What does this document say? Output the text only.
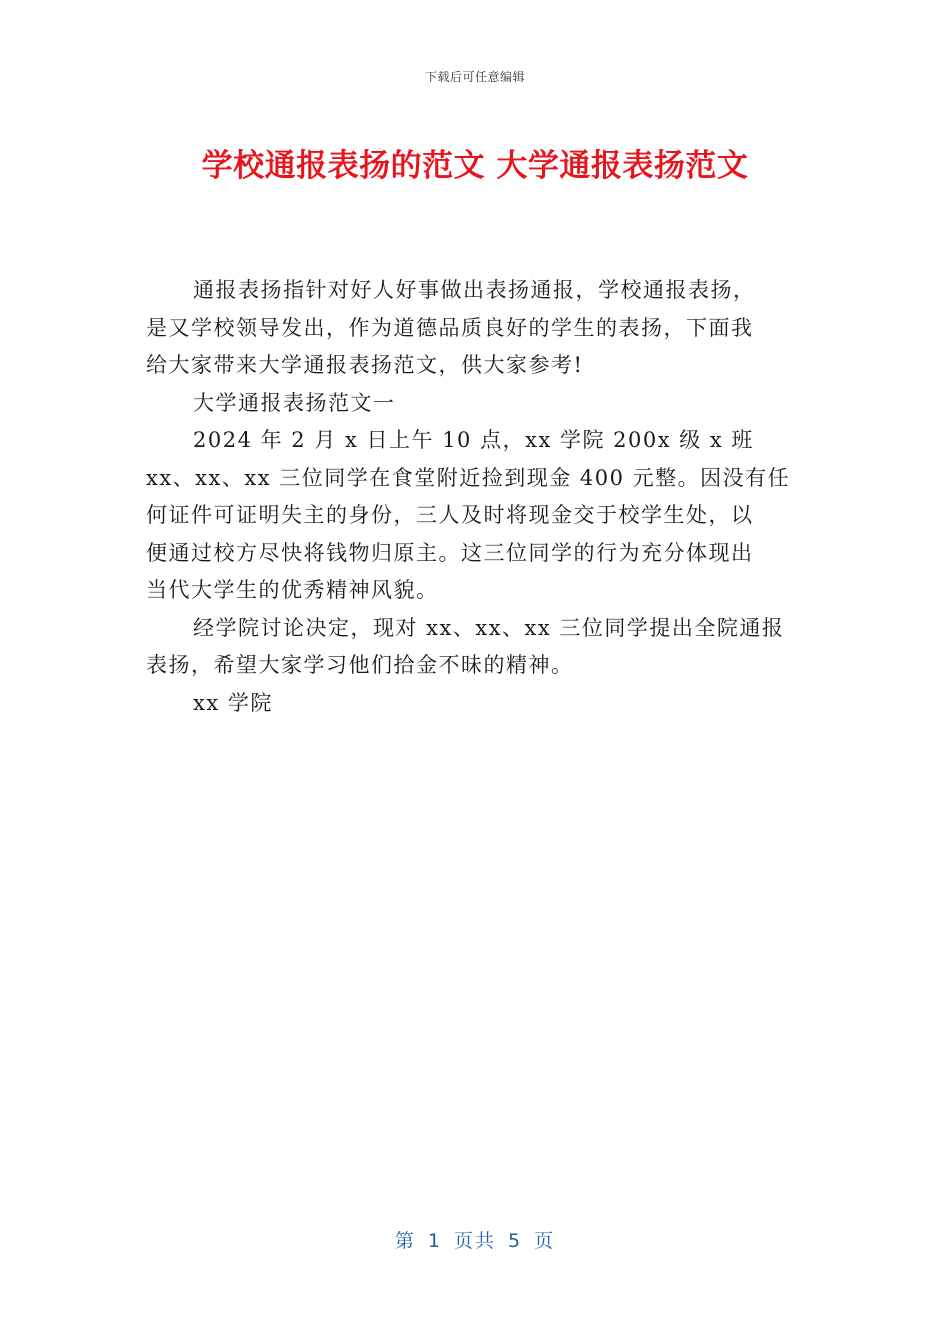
下载后可任意编辑
学校通报表扬的范文 大学通报表扬范文

通报表扬指针对好人好事做出表扬通报，学校通报表扬，

是又学校领导发出，作为道德品质良好的学生的表扬，下面我

给大家带来大学通报表扬范文，供大家参考!

大学通报表扬范文一

2024 年 2 月 x 日上午 10 点，xx 学院 200x 级 x 班

xx、xx、xx 三位同学在食堂附近捡到现金 400 元整。因没有任

何证件可证明失主的身份，三人及时将现金交于校学生处，以

便通过校方尽快将钱物归原主。这三位同学的行为充分体现出

当代大学生的优秀精神风貌。

经学院讨论决定，现对 xx、xx、xx 三位同学提出全院通报

表扬，希望大家学习他们拾金不昧的精神。

xx 学院

第 1 页共 5 页
